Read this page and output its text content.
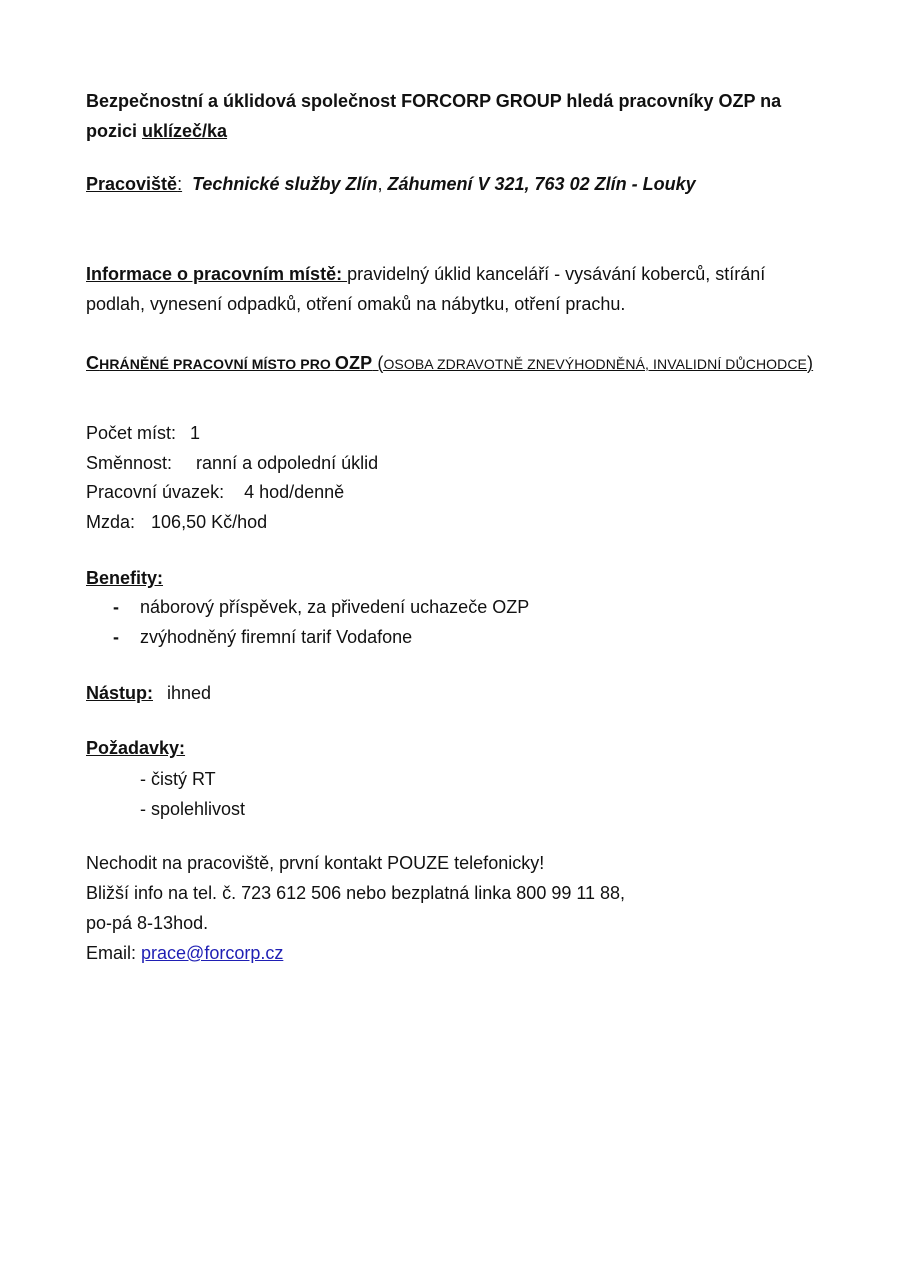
Bezpečnostní a úklidová společnost FORCORP GROUP hledá pracovníky OZP na
pozici uklízeč/ka
Pracoviště: Technické služby Zlín, Záhumení V 321, 763 02 Zlín - Louky
Informace o pracovním místě: pravidelný úklid kanceláří - vysávání koberců, stírání podlah, vynesení odpadků, otření omaků na nábytku, otření prachu.
CHRÁNĚNÉ PRACOVNÍ MÍSTO PRO OZP (OSOBA ZDRAVOTNĚ ZNEVÝHODNĚNÁ, INVALIDNÍ DŮCHODCE)
Počet míst: 1
Směnnost: ranní a odpolední úklid
Pracovní úvazek: 4 hod/denně
Mzda: 106,50 Kč/hod
Benefity:
- náborový příspěvek, za přivedení uchazeče OZP
- zvýhodněný firemní tarif Vodafone
Nástup: ihned
Požadavky:
- čistý RT
- spolehlivost
Nechodit na pracoviště, první kontakt POUZE telefonicky!
Bližší info na tel. č. 723 612 506 nebo bezplatná linka 800 99 11 88,
po-pá 8-13hod.
Email: prace@forcorp.cz
